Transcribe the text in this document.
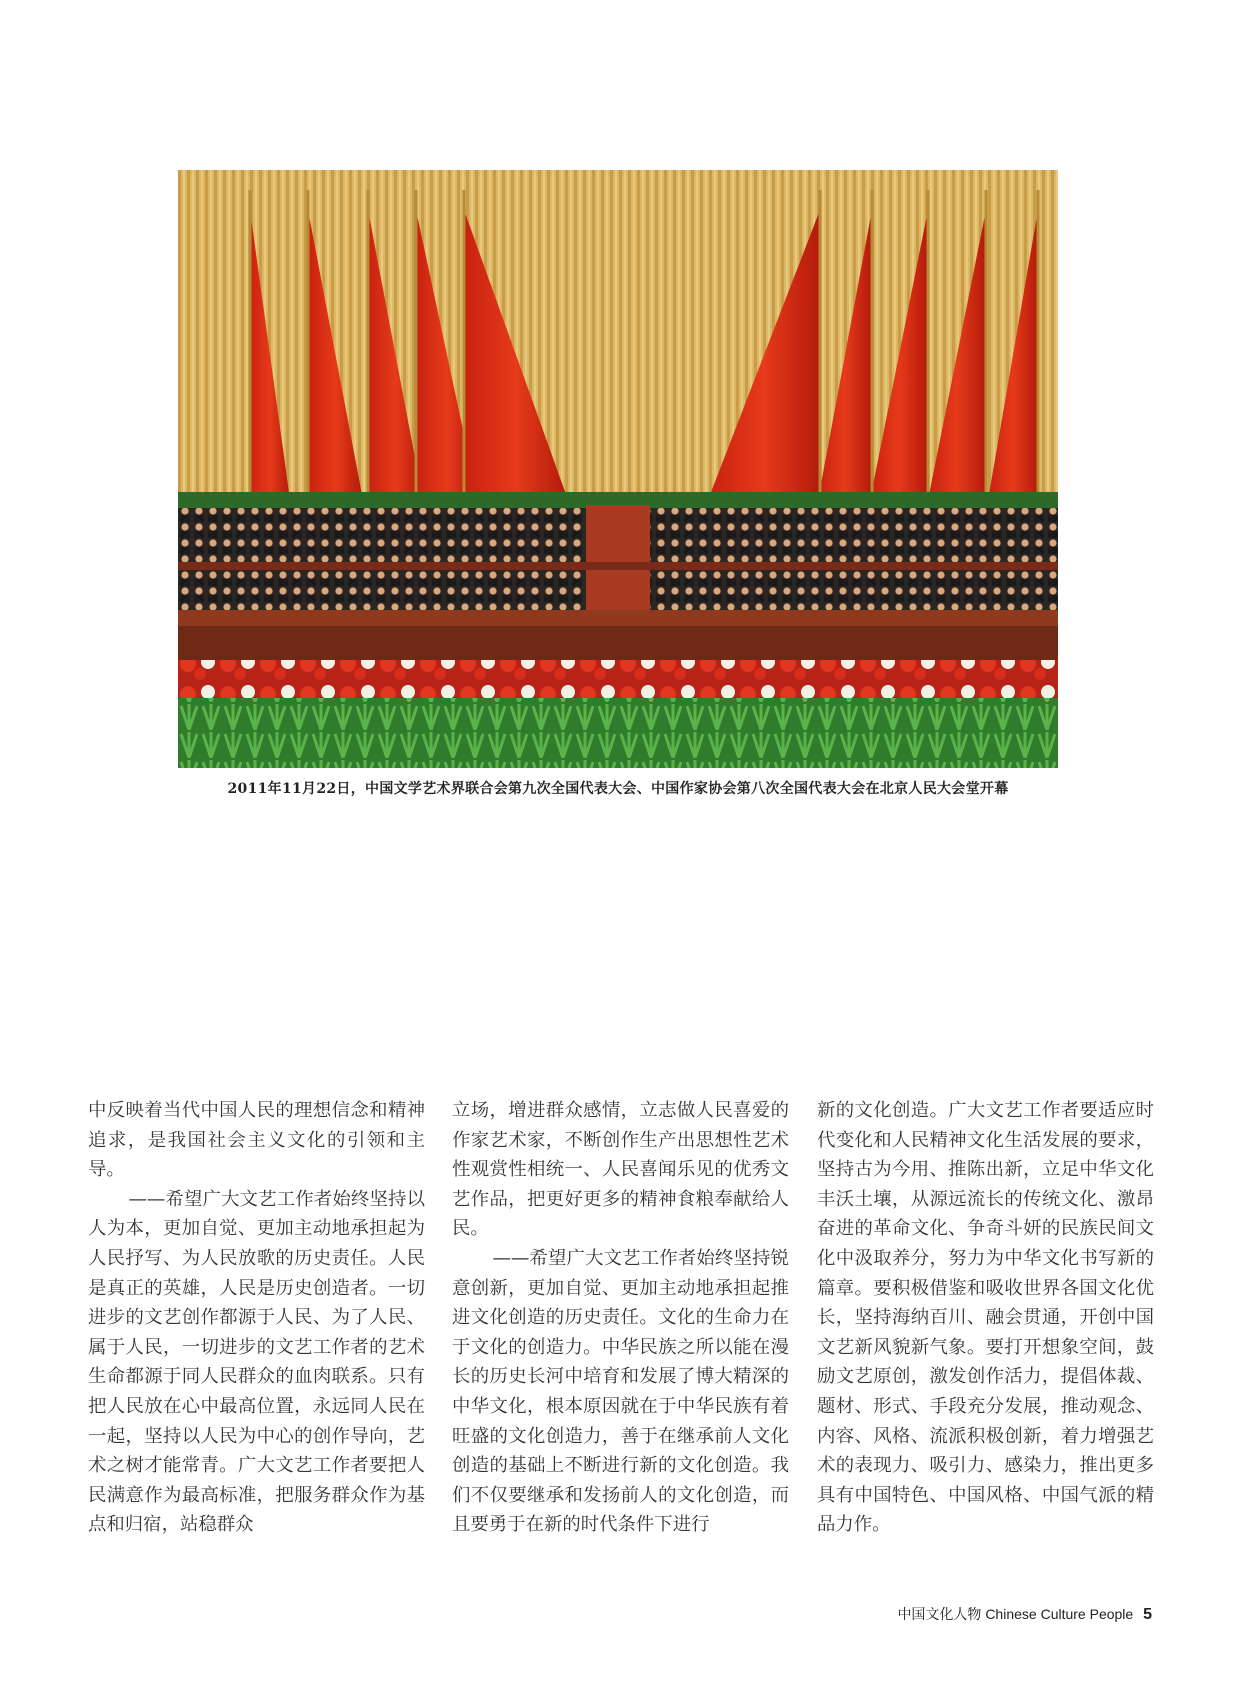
2011年11月22日，中国文学艺术界联合会第九次全国代表大会、中国作家协会第八次全国代表大会在北京人民大会堂开幕

中反映着当代中国人民的理想信念和精神追求，是我国社会主义文化的引领和主导。

——希望广大文艺工作者始终坚持以人为本，更加自觉、更加主动地承担起为人民抒写、为人民放歌的历史责任。人民是真正的英雄，人民是历史创造者。一切进步的文艺创作都源于人民、为了人民、属于人民，一切进步的文艺工作者的艺术生命都源于同人民群众的血肉联系。只有把人民放在心中最高位置，永远同人民在一起，坚持以人民为中心的创作导向，艺术之树才能常青。广大文艺工作者要把人民满意作为最高标准，把服务群众作为基点和归宿，站稳群众

立场，增进群众感情，立志做人民喜爱的作家艺术家，不断创作生产出思想性艺术性观赏性相统一、人民喜闻乐见的优秀文艺作品，把更好更多的精神食粮奉献给人民。

——希望广大文艺工作者始终坚持锐意创新，更加自觉、更加主动地承担起推进文化创造的历史责任。文化的生命力在于文化的创造力。中华民族之所以能在漫长的历史长河中培育和发展了博大精深的中华文化，根本原因就在于中华民族有着旺盛的文化创造力，善于在继承前人文化创造的基础上不断进行新的文化创造。我们不仅要继承和发扬前人的文化创造，而且要勇于在新的时代条件下进行

新的文化创造。广大文艺工作者要适应时代变化和人民精神文化生活发展的要求，坚持古为今用、推陈出新，立足中华文化丰沃土壤，从源远流长的传统文化、激昂奋进的革命文化、争奇斗妍的民族民间文化中汲取养分，努力为中华文化书写新的篇章。要积极借鉴和吸收世界各国文化优长，坚持海纳百川、融会贯通，开创中国文艺新风貌新气象。要打开想象空间，鼓励文艺原创，激发创作活力，提倡体裁、题材、形式、手段充分发展，推动观念、内容、风格、流派积极创新，着力增强艺术的表现力、吸引力、感染力，推出更多具有中国特色、中国风格、中国气派的精品力作。

中国文化人物 Chinese Culture People 5
